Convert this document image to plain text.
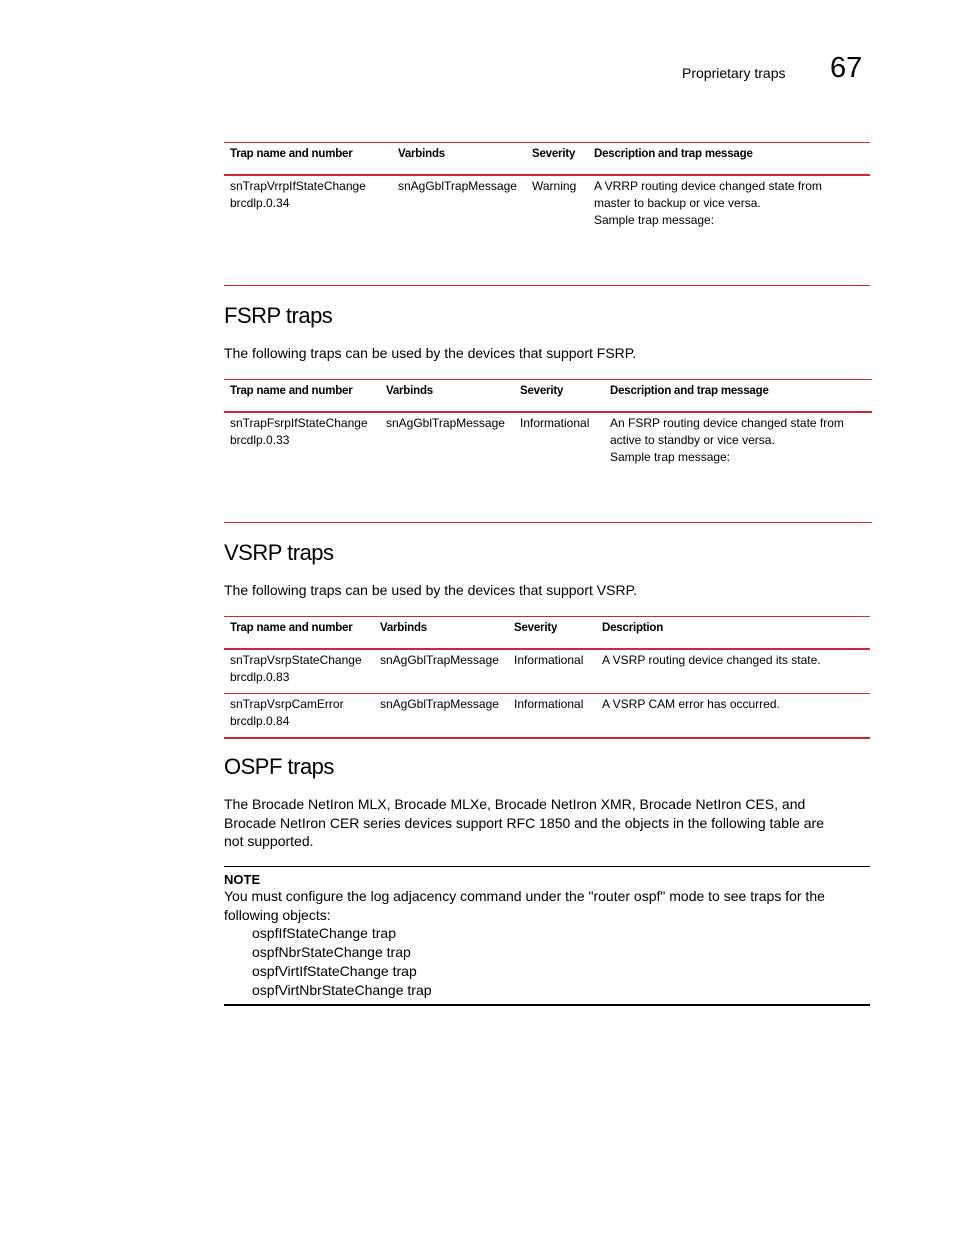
Proprietary traps 67
Trap name and number	Varbinds	Severity	Description and trap message

snTrapVrrpIfStateChange
brcdlp.0.34	snAgGblTrapMessage	Warning	A VRRP routing device changed state from
master to backup or vice versa.
Sample trap message:
FSRP traps
The following traps can be used by the devices that support FSRP.
Trap name and number	Varbinds	Severity	Description and trap message

snTrapFsrpIfStateChange
brcdlp.0.33	snAgGblTrapMessage	Informational	An FSRP routing device changed state from
active to standby or vice versa.
Sample trap message:
VSRP traps
The following traps can be used by the devices that support VSRP.
Trap name and number	Varbinds	Severity	Description

snTrapVsrpStateChange
brcdlp.0.83	snAgGblTrapMessage	Informational	A VSRP routing device changed its state.

snTrapVsrpCamError
brcdlp.0.84	snAgGblTrapMessage	Informational	A VSRP CAM error has occurred.
OSPF traps
The Brocade NetIron MLX, Brocade MLXe, Brocade NetIron XMR, Brocade NetIron CES, and
Brocade NetIron CER series devices support RFC 1850 and the objects in the following table are
not supported.
NOTE
You must configure the log adjacency command under the "router ospf" mode to see traps for the
following objects:
ospfIfStateChange trap
ospfNbrStateChange trap
ospfVirtIfStateChange trap
ospfVirtNbrStateChange trap
